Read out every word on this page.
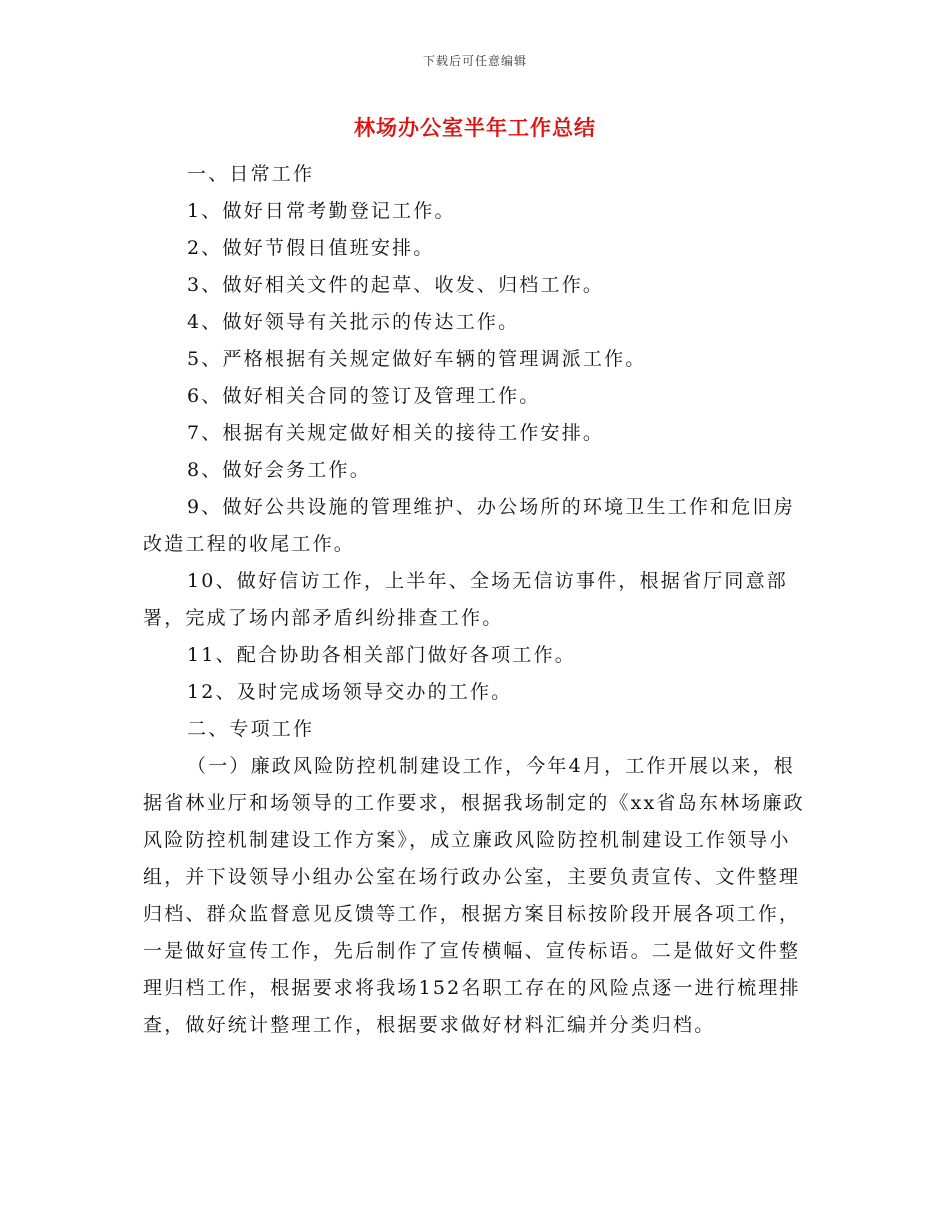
下载后可任意编辑
林场办公室半年工作总结

一、日常工作

1、做好日常考勤登记工作。

2、做好节假日值班安排。

3、做好相关文件的起草、收发、归档工作。

4、做好领导有关批示的传达工作。

5、严格根据有关规定做好车辆的管理调派工作。

6、做好相关合同的签订及管理工作。

7、根据有关规定做好相关的接待工作安排。

8、做好会务工作。

9、做好公共设施的管理维护、办公场所的环境卫生工作和危旧房改造工程的收尾工作。

10、做好信访工作，上半年、全场无信访事件，根据省厅同意部署，完成了场内部矛盾纠纷排查工作。

11、配合协助各相关部门做好各项工作。

12、及时完成场领导交办的工作。

二、专项工作

（一）廉政风险防控机制建设工作，今年4月，工作开展以来，根据省林业厅和场领导的工作要求，根据我场制定的《xx省岛东林场廉政风险防控机制建设工作方案》，成立廉政风险防控机制建设工作领导小组，并下设领导小组办公室在场行政办公室，主要负责宣传、文件整理归档、群众监督意见反馈等工作，根据方案目标按阶段开展各项工作，一是做好宣传工作，先后制作了宣传横幅、宣传标语。二是做好文件整理归档工作，根据要求将我场152名职工存在的风险点逐一进行梳理排查，做好统计整理工作，根据要求做好材料汇编并分类归档。
